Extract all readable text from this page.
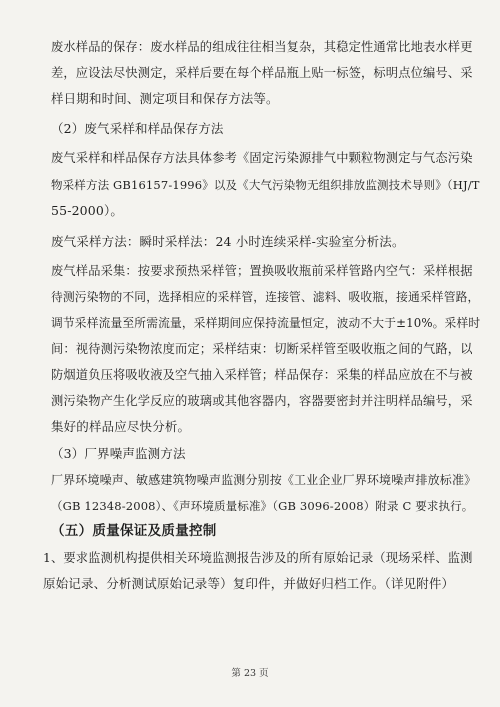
废水样品的保存：废水样品的组成往往相当复杂，其稳定性通常比地表水样更
差，应设法尽快测定，采样后要在每个样品瓶上贴一标签，标明点位编号、采
样日期和时间、测定项目和保存方法等。
（2）废气采样和样品保存方法
废气采样和样品保存方法具体参考《固定污染源排气中颗粒物测定与气态污染
物采样方法 GB16157-1996》以及《大气污染物无组织排放监测技术导则》（HJ/T
55-2000）。
废气采样方法：瞬时采样法：24 小时连续采样-实验室分析法。
废气样品采集：按要求预热采样管；置换吸收瓶前采样管路内空气：采样根据
待测污染物的不同，选择相应的采样管，连接管、滤料、吸收瓶，接通采样管路，
调节采样流量至所需流量，采样期间应保持流量恒定，波动不大于±10%。采样时
间：视待测污染物浓度而定；采样结束：切断采样管至吸收瓶之间的气路，以
防烟道负压将吸收液及空气抽入采样管；样品保存：采集的样品应放在不与被
测污染物产生化学反应的玻璃或其他容器内，容器要密封并注明样品编号，采
集好的样品应尽快分析。
（3）厂界噪声监测方法
厂界环境噪声、敏感建筑物噪声监测分别按《工业企业厂界环境噪声排放标准》
（GB 12348-2008）、《声环境质量标准》（GB 3096-2008）附录 C 要求执行。
（五）质量保证及质量控制
1、要求监测机构提供相关环境监测报告涉及的所有原始记录（现场采样、监测
原始记录、分析测试原始记录等）复印件，并做好归档工作。（详见附件）
第 23 页
